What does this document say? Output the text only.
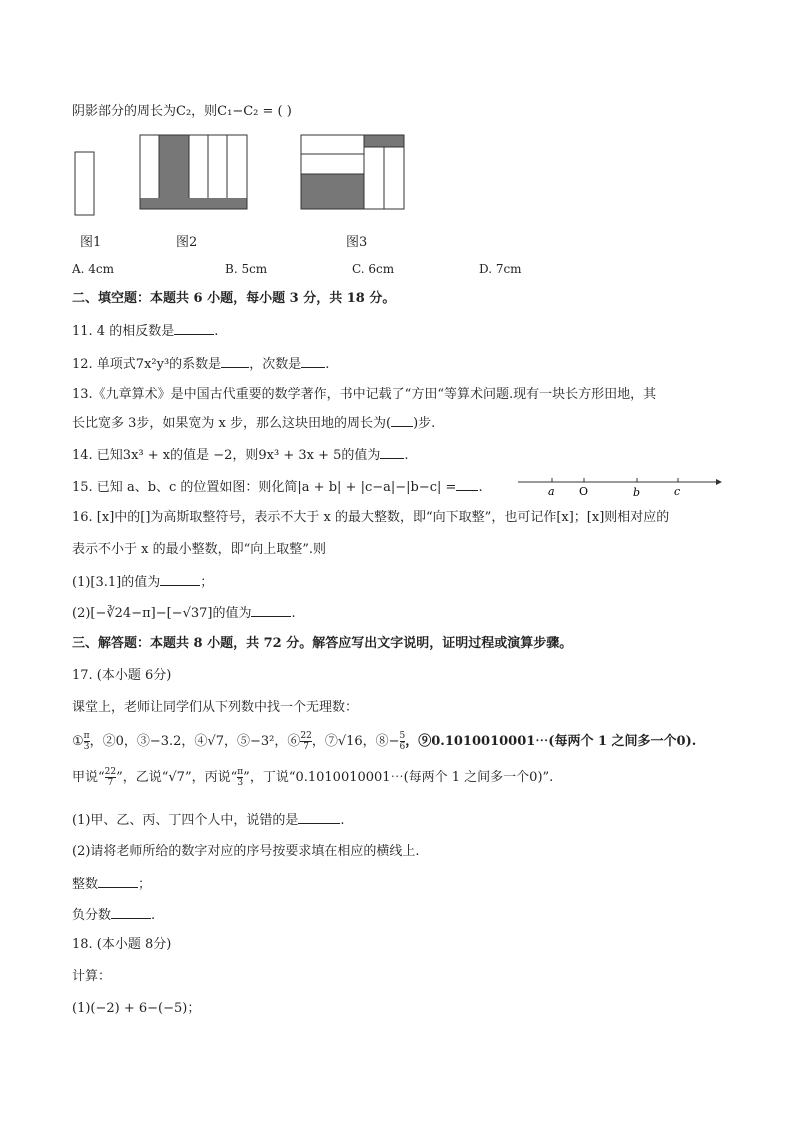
阴影部分的周长为C₂，则C₁−C₂ = ( )
图1	图2	图3
A. 4cm	B. 5cm	C. 6cm	D. 7cm
二、填空题：本题共 6 小题，每小题 3 分，共 18 分。
11. 4 的相反数是	.
12. 单项式7x²y³的系数是 ，次数是 .
13.《九章算术》是中国古代重要的数学著作，书中记载了“方田“等算术问题.现有一块长方形田地，其
长比宽多 3步，如果宽为 x 步，那么这块田地的周长为( )步.
14. 已知3x³ + x的值是 −2，则9x³ + 3x + 5的值为 .
15. 已知 a、b、c 的位置如图：则化简|a + b| + |c−a|−|b−c| = .	a O	b	c
16. [x]中的[]为高斯取整符号，表示不大于 x 的最大整数，即“向下取整”，也可记作[x]；[x]则相对应的
表示不小于 x 的最小整数，即“向上取整”.则
(1)[3.1]的值为	；
(2)[−∛24−π]−[−√37]的值为	.
三、解答题：本题共 8 小题，共 72 分。解答应写出文字说明，证明过程或演算步骤。
17. (本小题 6分)
课堂上，老师让同学们从下列数中找一个无理数：
① $\frac{\pi}{3}$ ，②0，③−3.2，④√7，⑤−3²，⑥ $\frac{22}{7}$ ，⑦√16，⑧− $\frac{5}{6}$ ，⑨0.1010010001⋯(每两个 1 之间多一个0).
甲说“ $\frac{22}{7}$ ”，乙说“√7”，丙说“ $\frac{\pi}{3}$ ”，丁说“0.1010010001⋯(每两个 1 之间多一个0)”.
(1)甲、乙、丙、丁四个人中，说错的是	.
(2)请将老师所给的数字对应的序号按要求填在相应的横线上.
整数	；
负分数	.
18. (本小题 8分)
计算：
(1)(−2) + 6−(−5)；
